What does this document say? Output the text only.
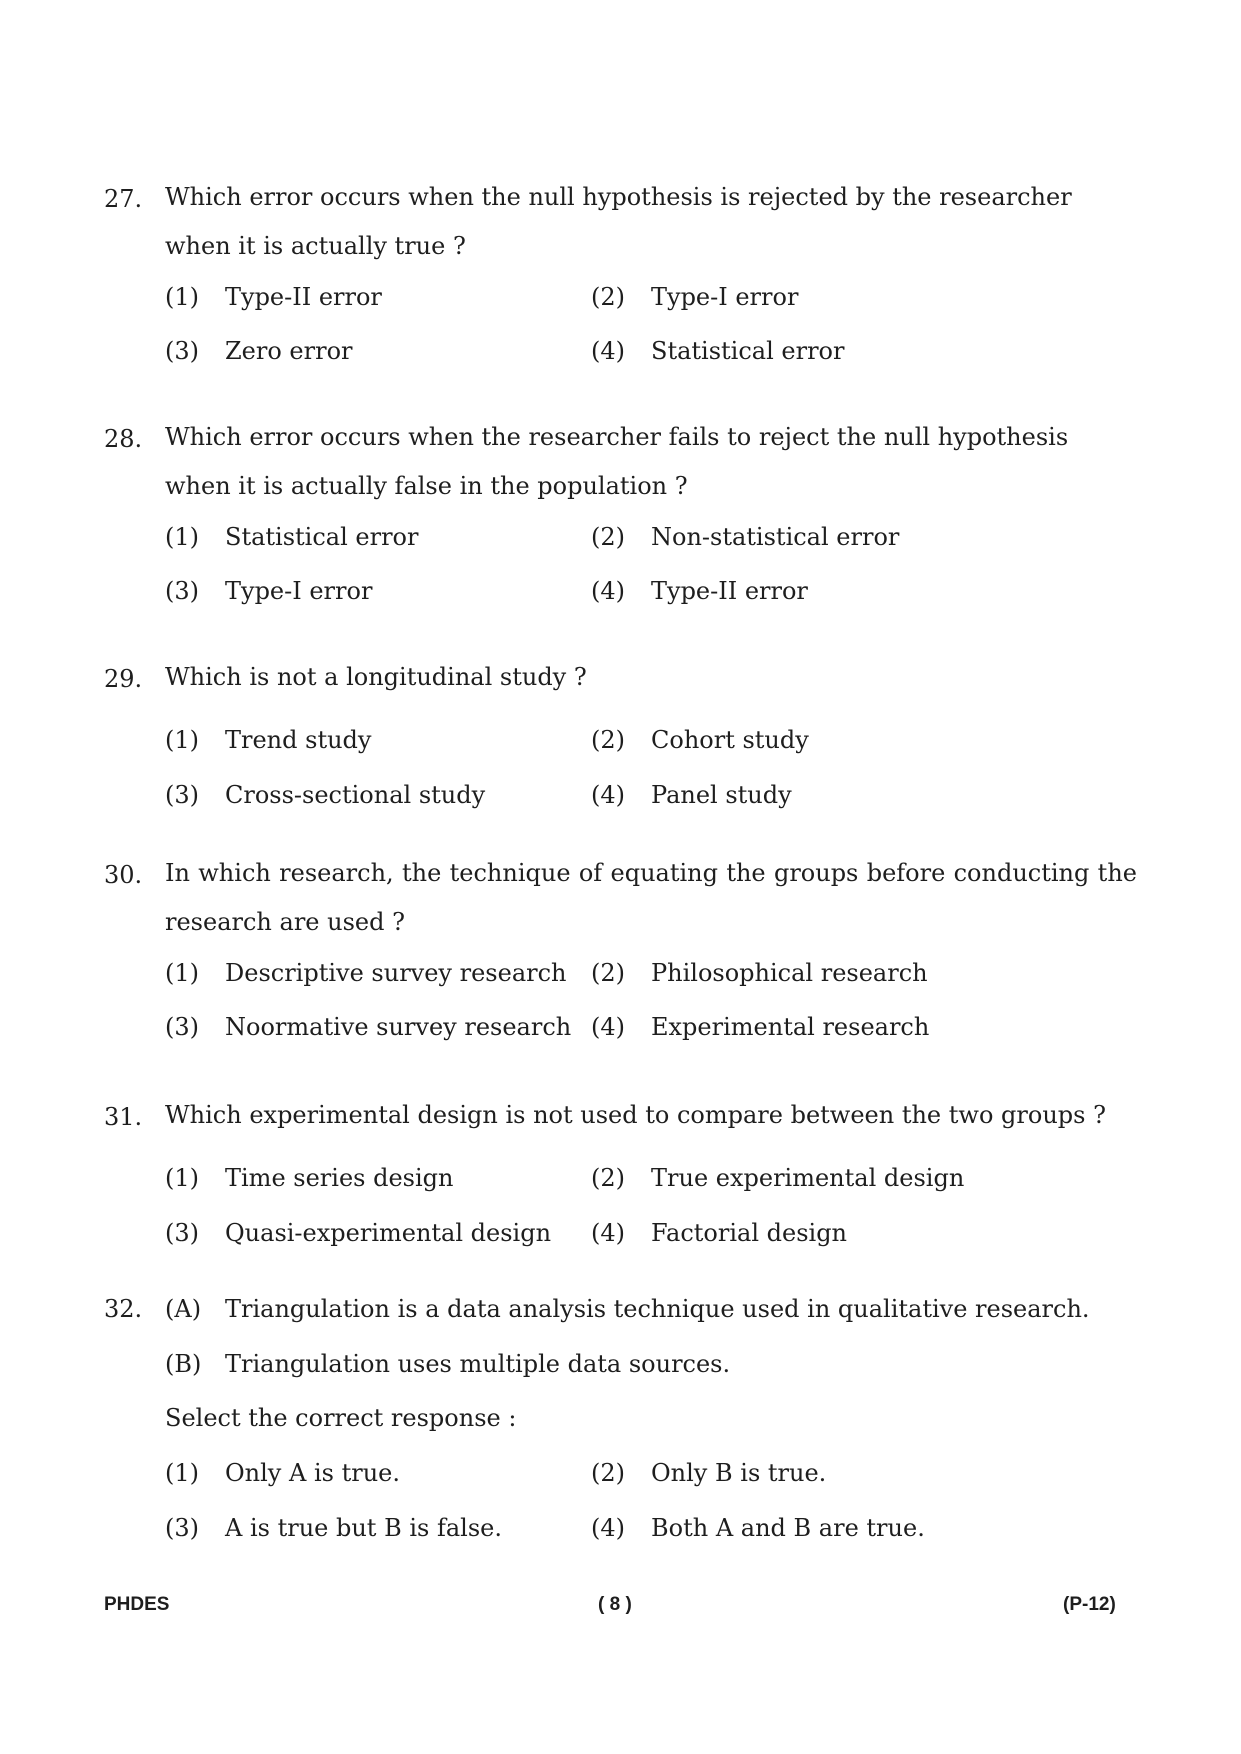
27. Which error occurs when the null hypothesis is rejected by the researcher when it is actually true ?
(1) Type-II error	(2) Type-I error
(3) Zero error	(4) Statistical error
28. Which error occurs when the researcher fails to reject the null hypothesis when it is actually false in the population ?
(1) Statistical error	(2) Non-statistical error
(3) Type-I error	(4) Type-II error
29. Which is not a longitudinal study ?
(1) Trend study	(2) Cohort study
(3) Cross-sectional study	(4) Panel study
30. In which research, the technique of equating the groups before conducting the research are used ?
(1) Descriptive survey research (2) Philosophical research
(3) Noormative survey research (4) Experimental research
31. Which experimental design is not used to compare between the two groups ?
(1) Time series design	(2) True experimental design
(3) Quasi-experimental design (4) Factorial design
32. (A) Triangulation is a data analysis technique used in qualitative research.
(B) Triangulation uses multiple data sources.
Select the correct response :
(1) Only A is true.	(2) Only B is true.
(3) A is true but B is false.	(4) Both A and B are true.
PHDES	( 8 )	(P-12)
